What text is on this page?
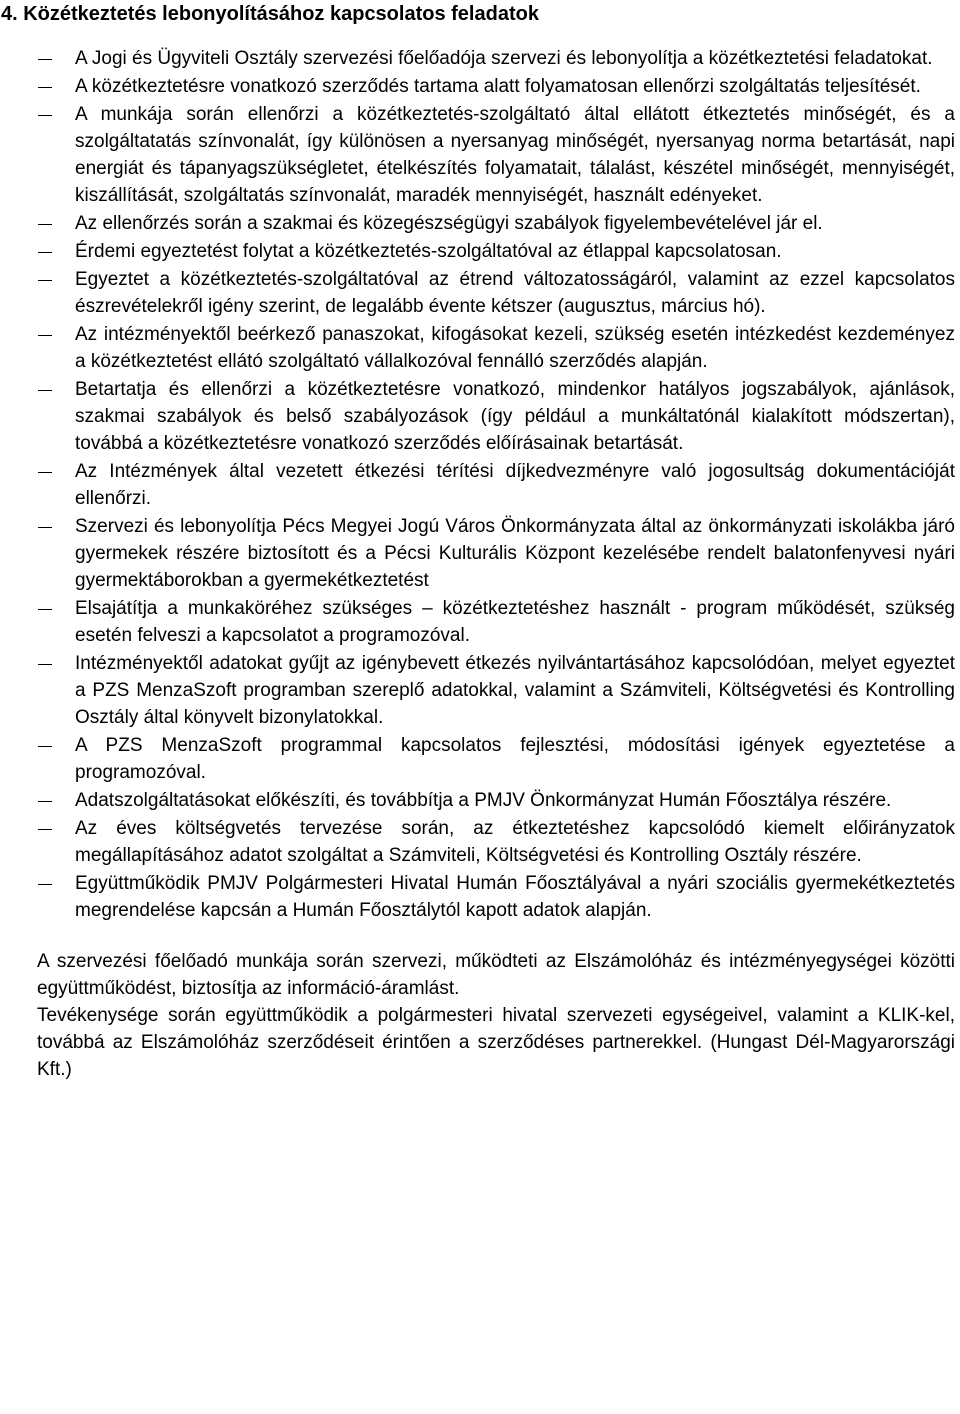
4. Közétkeztetés lebonyolításához kapcsolatos feladatok
A Jogi és Ügyviteli Osztály szervezési főelőadója szervezi és lebonyolítja a közétkeztetési feladatokat.
A közétkeztetésre vonatkozó szerződés tartama alatt folyamatosan ellenőrzi szolgáltatás teljesítését.
A munkája során ellenőrzi a közétkeztetés-szolgáltató által ellátott étkeztetés minőségét, és a szolgáltatatás színvonalát, így különösen a nyersanyag minőségét, nyersanyag norma betartását, napi energiát és tápanyagszükségletet, ételkészítés folyamatait, tálalást, készétel minőségét, mennyiségét, kiszállítását, szolgáltatás színvonalát, maradék mennyiségét, használt edényeket.
Az ellenőrzés során a szakmai és közegészségügyi szabályok figyelembevételével jár el.
Érdemi egyeztetést folytat a közétkeztetés-szolgáltatóval az étlappal kapcsolatosan.
Egyeztet a közétkeztetés-szolgáltatóval az étrend változatosságáról, valamint az ezzel kapcsolatos észrevételekről igény szerint, de legalább évente kétszer (augusztus, március hó).
Az intézményektől beérkező panaszokat, kifogásokat kezeli, szükség esetén intézkedést kezdeményez a közétkeztetést ellátó szolgáltató vállalkozóval fennálló szerződés alapján.
Betartatja és ellenőrzi a közétkeztetésre vonatkozó, mindenkor hatályos jogszabályok, ajánlások, szakmai szabályok és belső szabályozások (így például a munkáltatónál kialakított módszertan), továbbá a közétkeztetésre vonatkozó szerződés előírásainak betartását.
Az Intézmények által vezetett étkezési térítési díjkedvezményre való jogosultság dokumentációját ellenőrzi.
Szervezi és lebonyolítja Pécs Megyei Jogú Város Önkormányzata által az önkormányzati iskolákba járó gyermekek részére biztosított és a Pécsi Kulturális Központ kezelésébe rendelt balatonfenyvesi nyári gyermektáborokban a gyermekétkeztetést
Elsajátítja a munkaköréhez szükséges – közétkeztetéshez használt - program működését, szükség esetén felveszi a kapcsolatot a programozóval.
Intézményektől adatokat gyűjt az igénybevett étkezés nyilvántartásához kapcsolódóan, melyet egyeztet a PZS MenzaSzoft programban szereplő adatokkal, valamint a Számviteli, Költségvetési és Kontrolling Osztály által könyvelt bizonylatokkal.
A PZS MenzaSzoft programmal kapcsolatos fejlesztési, módosítási igények egyeztetése a programozóval.
Adatszolgáltatásokat előkészíti, és továbbítja a PMJV Önkormányzat Humán Főosztálya részére.
Az éves költségvetés tervezése során, az étkeztetéshez kapcsolódó kiemelt előirányzatok megállapításához adatot szolgáltat a Számviteli, Költségvetési és Kontrolling Osztály részére.
Együttműködik PMJV Polgármesteri Hivatal Humán Főosztályával a nyári szociális gyermekétkeztetés megrendelése kapcsán a Humán Főosztálytól kapott adatok alapján.

A szervezési főelőadó munkája során szervezi, működteti az Elszámolóház és intézményegységei közötti együttműködést, biztosítja az információ-áramlást.

Tevékenysége során együttműködik a polgármesteri hivatal szervezeti egységeivel, valamint a KLIK-kel, továbbá az Elszámolóház szerződéseit érintően a szerződéses partnerekkel. (Hungast Dél-Magyarországi Kft.)
